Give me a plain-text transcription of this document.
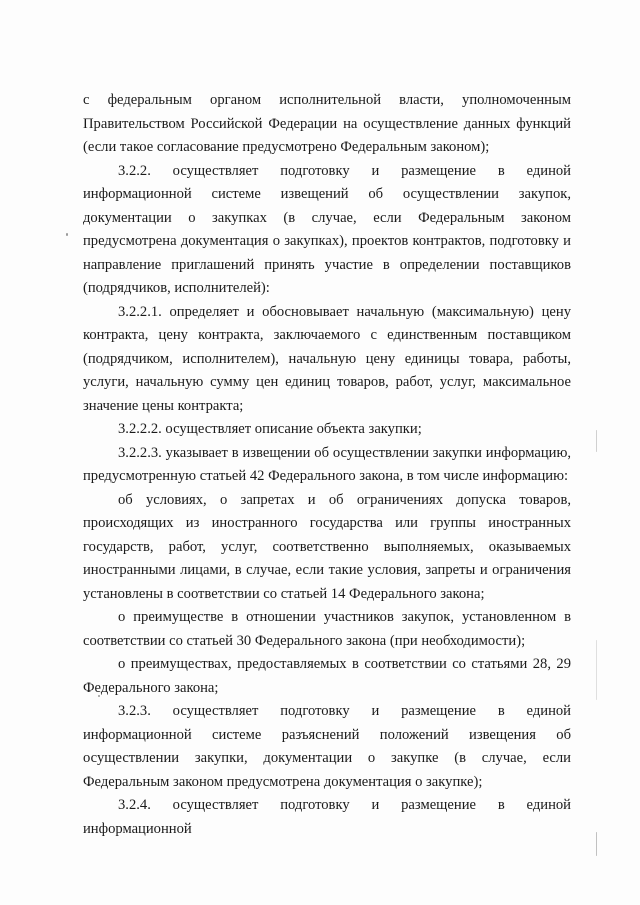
с федеральным органом исполнительной власти, уполномоченным Правительством Российской Федерации на осуществление данных функций (если такое согласование предусмотрено Федеральным законом);

3.2.2. осуществляет подготовку и размещение в единой информационной системе извещений об осуществлении закупок, документации о закупках (в случае, если Федеральным законом предусмотрена документация о закупках), проектов контрактов, подготовку и направление приглашений принять участие в определении поставщиков (подрядчиков, исполнителей):

3.2.2.1. определяет и обосновывает начальную (максимальную) цену контракта, цену контракта, заключаемого с единственным поставщиком (подрядчиком, исполнителем), начальную цену единицы товара, работы, услуги, начальную сумму цен единиц товаров, работ, услуг, максимальное значение цены контракта;

3.2.2.2. осуществляет описание объекта закупки;

3.2.2.3. указывает в извещении об осуществлении закупки информацию, предусмотренную статьей 42 Федерального закона, в том числе информацию:

об условиях, о запретах и об ограничениях допуска товаров, происходящих из иностранного государства или группы иностранных государств, работ, услуг, соответственно выполняемых, оказываемых иностранными лицами, в случае, если такие условия, запреты и ограничения установлены в соответствии со статьей 14 Федерального закона;

о преимуществе в отношении участников закупок, установленном в соответствии со статьей 30 Федерального закона (при необходимости);

о преимуществах, предоставляемых в соответствии со статьями 28, 29 Федерального закона;

3.2.3. осуществляет подготовку и размещение в единой информационной системе разъяснений положений извещения об осуществлении закупки, документации о закупке (в случае, если Федеральным законом предусмотрена документация о закупке);

3.2.4. осуществляет подготовку и размещение в единой информационной
